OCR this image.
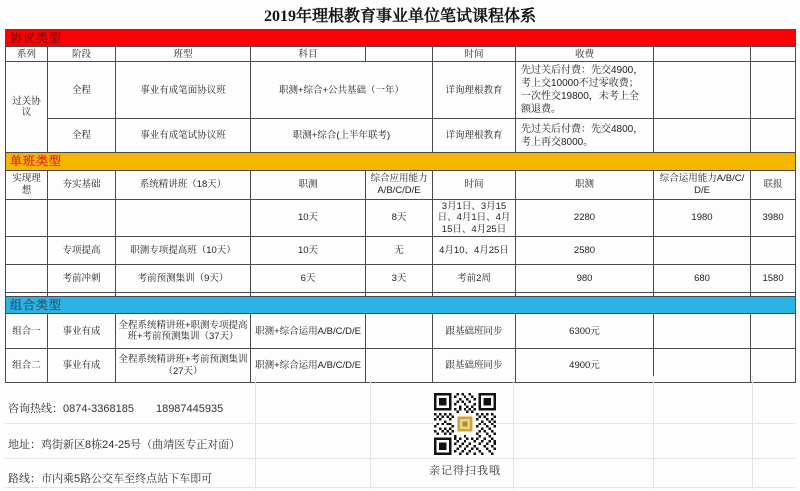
2019年理根教育事业单位笔试课程体系
协议类型								
系列	阶段	班型	科目		时间	收费		
过关协议	全程	事业有成笔面协议班	职测+综合+公共基础（一年）		详询理根教育	先过关后付费：先交4900，考上交10000不过零收费；一次性交19800，未考上全额退费。		
	全程	事业有成笔试协议班	职测+综合(上半年联考)		详询理根教育	先过关后付费：先交4800，考上再交8000。		
单班类型								
实现理想	夯实基础	系统精讲班（18天）	职测	综合应用能力A/B/C/D/E	时间	职测	综合运用能力A/B/C/D/E	联报
			10天	8天	3月1日、3月15日、4月1日、4月15日、4月25日	2280	1980	3980
	专项提高	职测专项提高班（10天）	10天	无	4月10、4月25日	2580		
	考前冲刺	考前预测集训（9天）	6天	3天	考前2周	980	680	1580

组合类型								
组合一	事业有成	全程系统精讲班+职测专项提高班+考前预测集训（37天）	职测+综合运用A/B/C/D/E		跟基础班同步	6300元		
组合二	事业有成	全程系统精讲班+考前预测集训（27天）	职测+综合运用A/B/C/D/E		跟基础班同步	4900元		
咨询热线：0874-3368185　　18987445935
地址：鸡街新区8栋24-25号（曲靖医专正对面）
路线：市内乘5路公交车至终点站下车即可
亲记得扫我哦
